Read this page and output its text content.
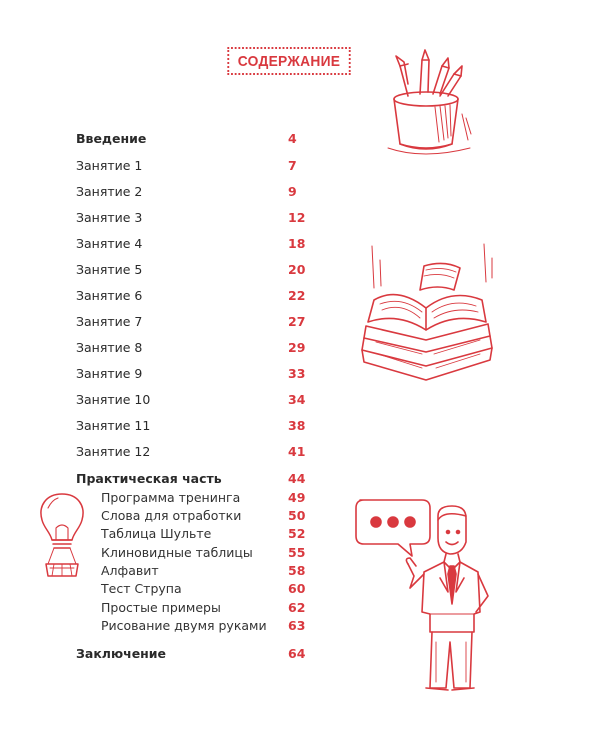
СОДЕРЖАНИЕ
Введение	4
Занятие 1	7
Занятие 2	9
Занятие 3	12
Занятие 4	18
Занятие 5	20
Занятие 6	22
Занятие 7	27
Занятие 8	29
Занятие 9	33
Занятие 10	34
Занятие 11	38
Занятие 12	41
Практическая часть	44
Программа тренинга	49
Слова для отработки	50
Таблица Шульте	52
Клиновидные таблицы	55
Алфавит	58
Тест Струпа	60
Простые примеры	62
Рисование двумя руками 63
Заключение	64
